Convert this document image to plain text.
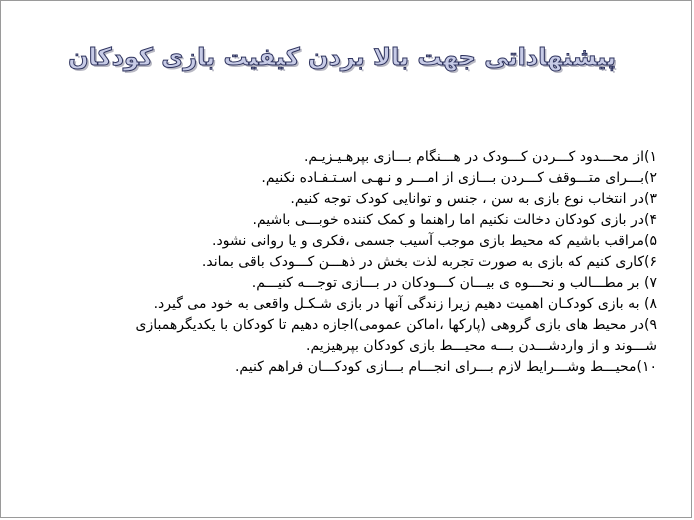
پیشنهاداتی جهت بالا بردن کیفیت بازی کودکان
۱)از محـــدود کـــردن کـــودک در هـــنگام بـــازی بپرهـیـزیـم.
۲)بـــرای متـــوقف کـــردن بـــازی از امـــر و نـهـی اسـتـفـاده نکنیم.
۳)در انتخاب نوع بازی به سن ، جنس و توانایی کودک توجه کنیم.
۴)در بازی کودکان دخالت نکنیم اما راهنما و کمک کننده خوبـــی باشیم.
۵)مراقب باشیم که محیط بازی موجب آسیب جسمی ،فکری و یا روانی نشود.
۶)کاری کنیم که بازی به صورت تجربه لذت بخش در ذهـــن کـــودک باقی بماند.
۷) بر مطـــالب و نحـــوه ی بیـــان کـــودکان در بـــازی توجـــه کنیـــم.
۸) به بازی کودکـان اهمیت دهیم زیرا زندگی آنها در بازی شـکـل واقعی به خود می گیرد.
۹)در محیط های بازی گروهی (پارکها ،اماکن عمومی)اجازه دهیم تا کودکان با یکدیگرهمبازی شـــوند و از واردشـــدن بـــه محیـــط بازی کودکان بپرهیزیم.
۱۰)محیـــط وشـــرایط لازم بـــرای انجـــام بـــازی کودکـــان فراهم کنیم.
